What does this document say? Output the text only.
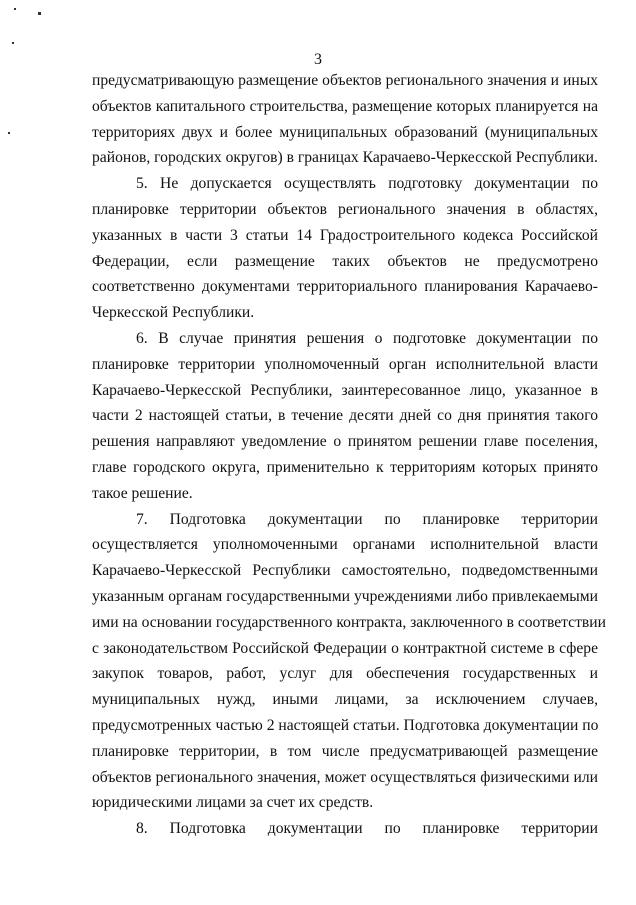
3
предусматривающую размещение объектов регионального значения и иных
объектов капитального строительства, размещение которых планируется на
территориях двух и более муниципальных образований (муниципальных
районов, городских округов) в границах Карачаево-Черкесской Республики.
5. Не допускается осуществлять подготовку документации по
планировке территории объектов регионального значения в областях,
указанных в части 3 статьи 14 Градостроительного кодекса Российской
Федерации, если размещение таких объектов не предусмотрено
соответственно документами территориального планирования Карачаево-
Черкесской Республики.
6. В случае принятия решения о подготовке документации по
планировке территории уполномоченный орган исполнительной власти
Карачаево-Черкесской Республики, заинтересованное лицо, указанное в
части 2 настоящей статьи, в течение десяти дней со дня принятия такого
решения направляют уведомление о принятом решении главе поселения,
главе городского округа, применительно к территориям которых принято
такое решение.
7. Подготовка документации по планировке территории
осуществляется уполномоченными органами исполнительной власти
Карачаево-Черкесской Республики самостоятельно, подведомственными
указанным органам государственными учреждениями либо привлекаемыми
ими на основании государственного контракта, заключенного в соответствии
с законодательством Российской Федерации о контрактной системе в сфере
закупок товаров, работ, услуг для обеспечения государственных и
муниципальных нужд, иными лицами, за исключением случаев,
предусмотренных частью 2 настоящей статьи. Подготовка документации по
планировке территории, в том числе предусматривающей размещение
объектов регионального значения, может осуществляться физическими или
юридическими лицами за счет их средств.
8. Подготовка документации по планировке территории
